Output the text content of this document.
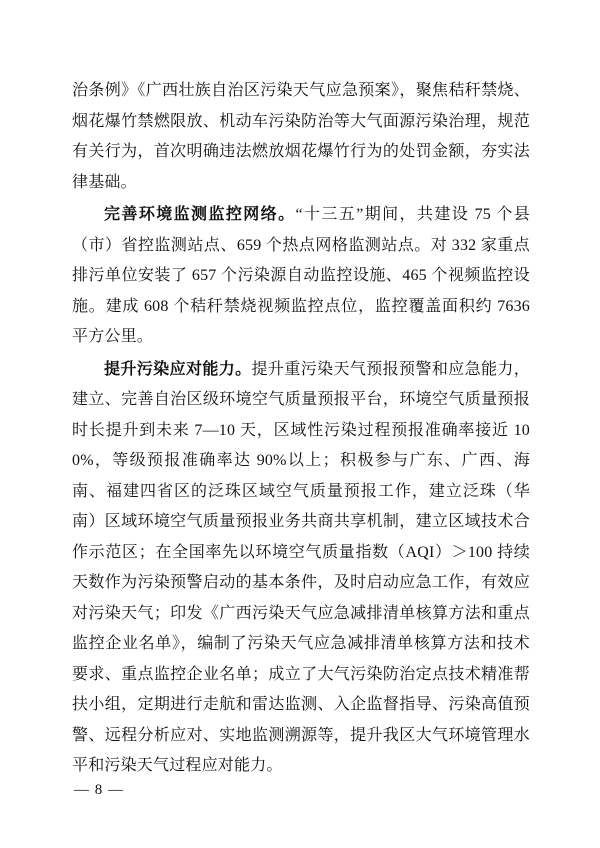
治条例》《广西壮族自治区污染天气应急预案》，聚焦秸秆禁烧、烟花爆竹禁燃限放、机动车污染防治等大气面源污染治理，规范有关行为，首次明确违法燃放烟花爆竹行为的处罚金额，夯实法律基础。

完善环境监测监控网络。“十三五”期间，共建设 75 个县（市）省控监测站点、659 个热点网格监测站点。对 332 家重点排污单位安装了 657 个污染源自动监控设施、465 个视频监控设施。建成 608 个秸秆禁烧视频监控点位，监控覆盖面积约 7636 平方公里。

提升污染应对能力。提升重污染天气预报预警和应急能力，建立、完善自治区级环境空气质量预报平台，环境空气质量预报时长提升到未来 7—10 天，区域性污染过程预报准确率接近 100%，等级预报准确率达 90%以上；积极参与广东、广西、海南、福建四省区的泛珠区域空气质量预报工作，建立泛珠（华南）区域环境空气质量预报业务共商共享机制，建立区域技术合作示范区；在全国率先以环境空气质量指数（AQI）＞100 持续天数作为污染预警启动的基本条件，及时启动应急工作，有效应对污染天气；印发《广西污染天气应急减排清单核算方法和重点监控企业名单》，编制了污染天气应急减排清单核算方法和技术要求、重点监控企业名单；成立了大气污染防治定点技术精准帮扶小组，定期进行走航和雷达监测、入企监督指导、污染高值预警、远程分析应对、实地监测溯源等，提升我区大气环境管理水平和污染天气过程应对能力。

— 8 —
